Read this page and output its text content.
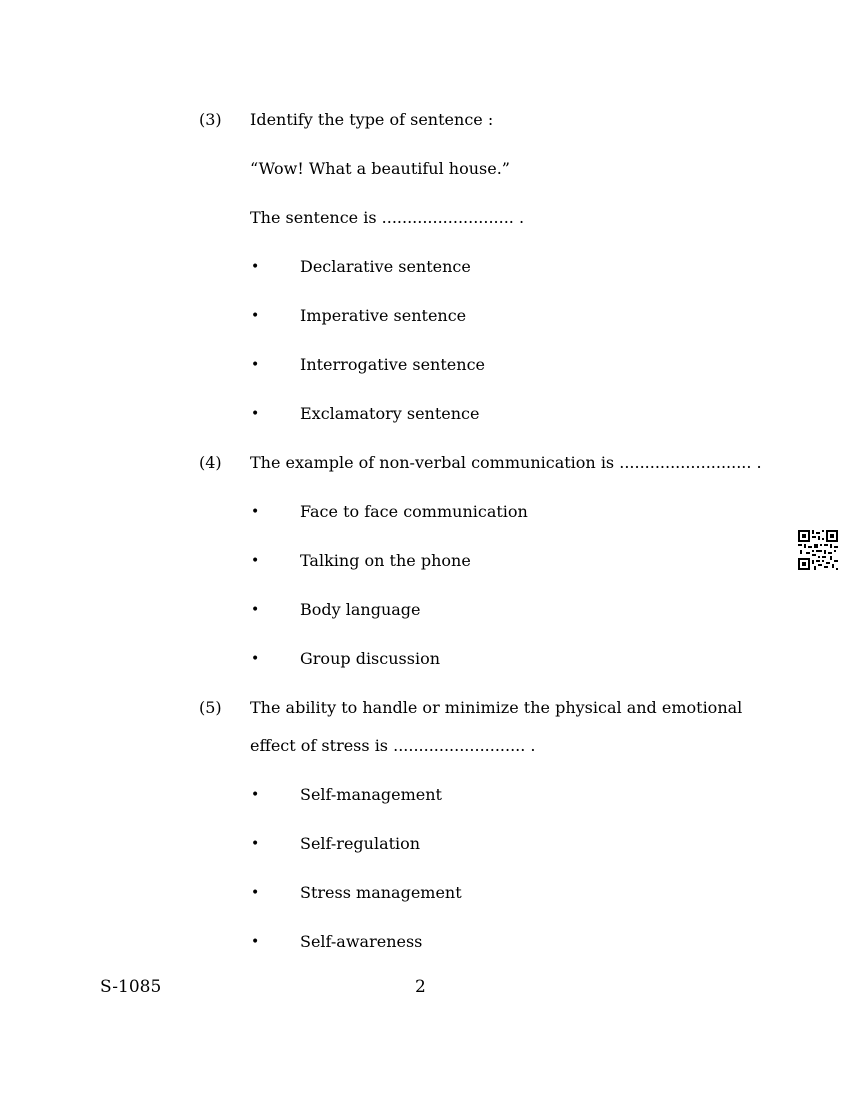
(3) Identify the type of sentence :
“Wow! What a beautiful house.”
The sentence is .......................... .
•	Declarative sentence
•	Imperative sentence
•	Interrogative sentence
•	Exclamatory sentence
(4) The example of non-verbal communication is .......................... .
•	Face to face communication
•	Talking on the phone
•	Body language
•	Group discussion
(5) The ability to handle or minimize the physical and emotional
effect of stress is .......................... .
•	Self-management
•	Self-regulation
•	Stress management
•	Self-awareness
S-1085	2
